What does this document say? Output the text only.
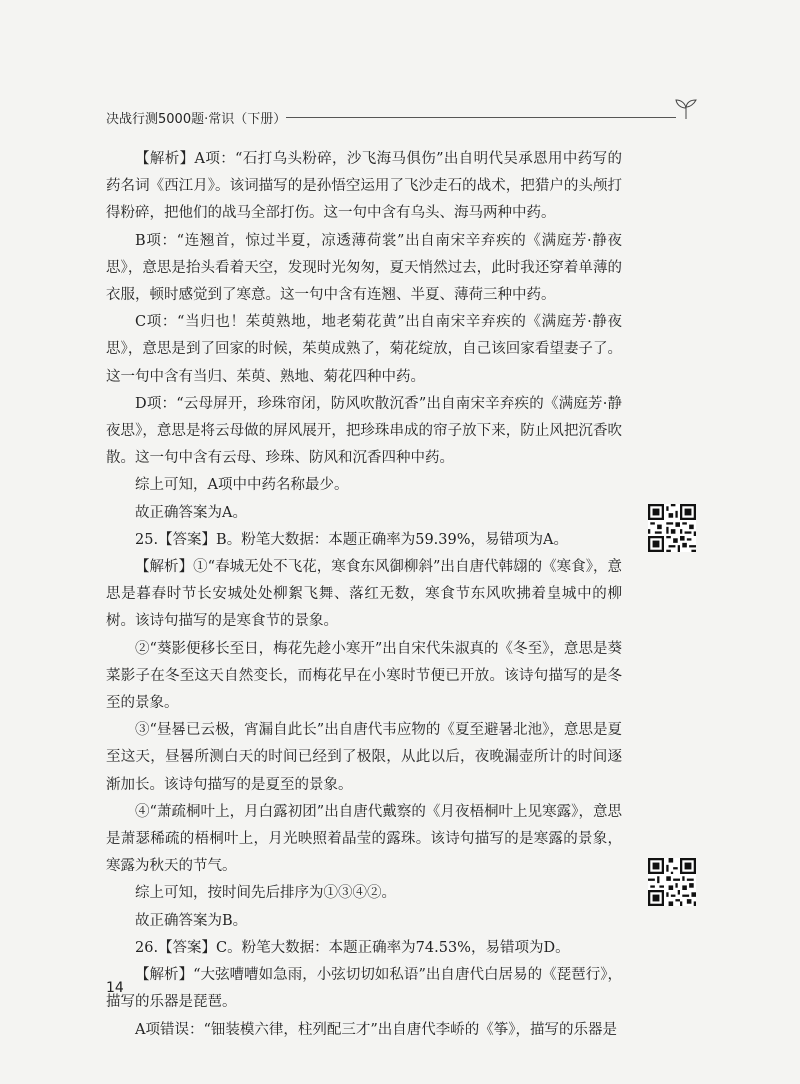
决战行测5000题·常识（下册）

【解析】A项：“石打乌头粉碎，沙飞海马俱伤”出自明代吴承恩用中药写的药名词《西江月》。该词描写的是孙悟空运用了飞沙走石的战术，把猎户的头颅打得粉碎，把他们的战马全部打伤。这一句中含有乌头、海马两种中药。

B项：“连翘首，惊过半夏，凉透薄荷裳”出自南宋辛弃疾的《满庭芳·静夜思》，意思是抬头看着天空，发现时光匆匆，夏天悄然过去，此时我还穿着单薄的衣服，顿时感觉到了寒意。这一句中含有连翘、半夏、薄荷三种中药。

C项：“当归也！茱萸熟地，地老菊花黄”出自南宋辛弃疾的《满庭芳·静夜思》，意思是到了回家的时候，茱萸成熟了，菊花绽放，自己该回家看望妻子了。这一句中含有当归、茱萸、熟地、菊花四种中药。

D项：“云母屏开，珍珠帘闭，防风吹散沉香”出自南宋辛弃疾的《满庭芳·静夜思》，意思是将云母做的屏风展开，把珍珠串成的帘子放下来，防止风把沉香吹散。这一句中含有云母、珍珠、防风和沉香四种中药。

综上可知，A项中中药名称最少。

故正确答案为A。

25.【答案】B。粉笔大数据：本题正确率为59.39%，易错项为A。

【解析】①“春城无处不飞花，寒食东风御柳斜”出自唐代韩翃的《寒食》，意思是暮春时节长安城处处柳絮飞舞、落红无数，寒食节东风吹拂着皇城中的柳树。该诗句描写的是寒食节的景象。

②“葵影便移长至日，梅花先趁小寒开”出自宋代朱淑真的《冬至》，意思是葵菜影子在冬至这天自然变长，而梅花早在小寒时节便已开放。该诗句描写的是冬至的景象。

③“昼晷已云极，宵漏自此长”出自唐代韦应物的《夏至避暑北池》，意思是夏至这天，昼晷所测白天的时间已经到了极限，从此以后，夜晚漏壶所计的时间逐渐加长。该诗句描写的是夏至的景象。

④“萧疏桐叶上，月白露初团”出自唐代戴察的《月夜梧桐叶上见寒露》，意思是萧瑟稀疏的梧桐叶上，月光映照着晶莹的露珠。该诗句描写的是寒露的景象，寒露为秋天的节气。

综上可知，按时间先后排序为①③④②。

故正确答案为B。

26.【答案】C。粉笔大数据：本题正确率为74.53%，易错项为D。

【解析】“大弦嘈嘈如急雨，小弦切切如私语”出自唐代白居易的《琵琶行》，描写的乐器是琵琶。

A项错误：“钿装模六律，柱列配三才”出自唐代李峤的《筝》，描写的乐器是

14
